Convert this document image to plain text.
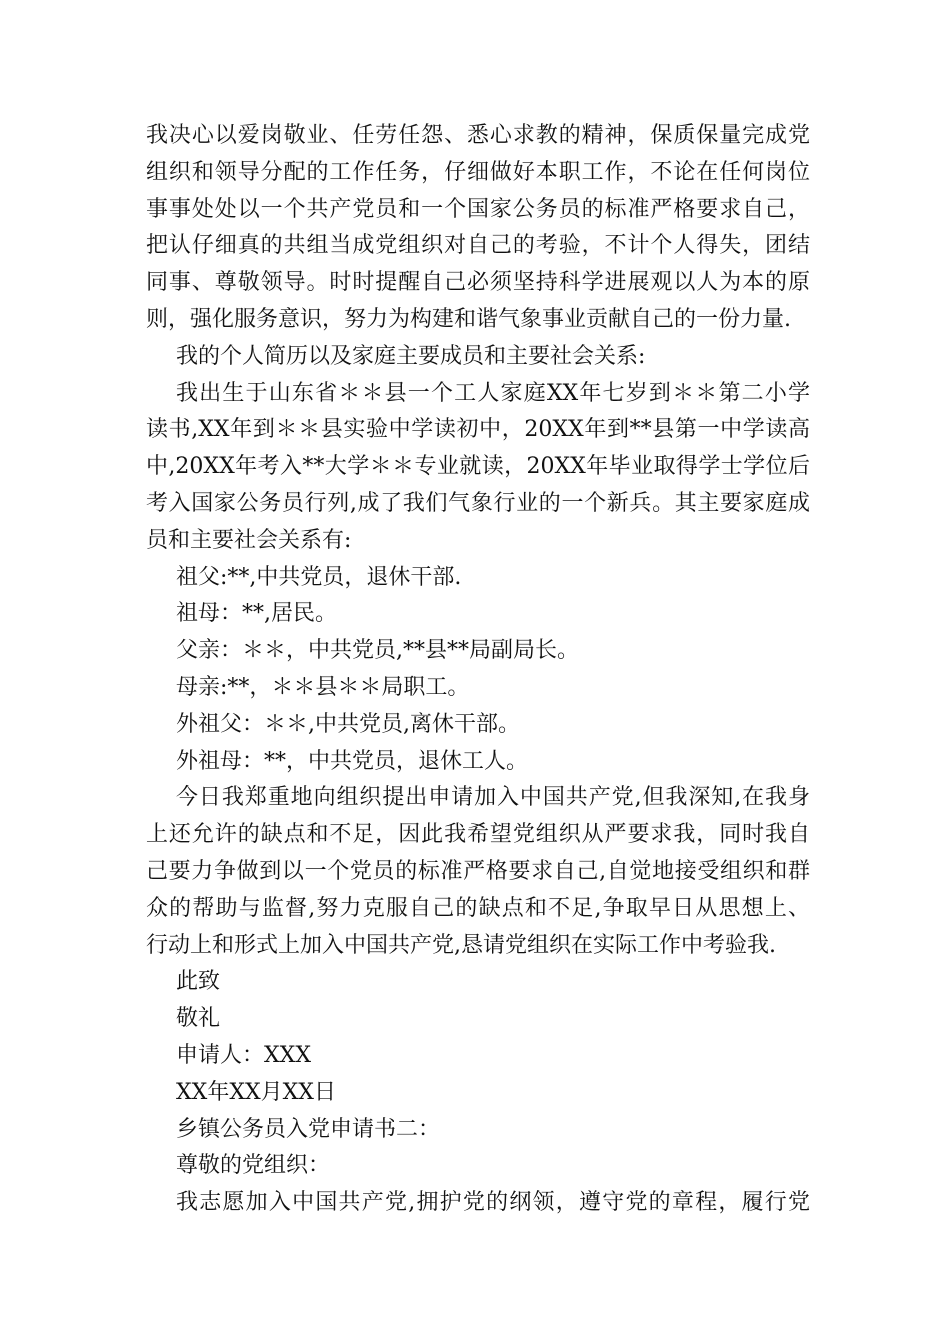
我决心以爱岗敬业、任劳任怨、悉心求教的精神，保质保量完成党
组织和领导分配的工作任务，仔细做好本职工作，不论在任何岗位
事事处处以一个共产党员和一个国家公务员的标准严格要求自己，
把认仔细真的共组当成党组织对自己的考验，不计个人得失，团结
同事、尊敬领导。时时提醒自己必须坚持科学进展观以人为本的原
则，强化服务意识，努力为构建和谐气象事业贡献自己的一份力量.
我的个人简历以及家庭主要成员和主要社会关系:
我出生于山东省＊＊县一个工人家庭XX年七岁到＊＊第二小学
读书,XX年到＊＊县实验中学读初中，20XX年到**县第一中学读高
中,20XX年考入**大学＊＊专业就读，20XX年毕业取得学士学位后
考入国家公务员行列,成了我们气象行业的一个新兵。其主要家庭成
员和主要社会关系有:
祖父:**,中共党员，退休干部.
祖母：**,居民。
父亲：＊＊，中共党员,**县**局副局长。
母亲:**，＊＊县＊＊局职工。
外祖父：＊＊,中共党员,离休干部。
外祖母：**，中共党员，退休工人。
今日我郑重地向组织提出申请加入中国共产党,但我深知,在我身
上还允许的缺点和不足，因此我希望党组织从严要求我，同时我自
己要力争做到以一个党员的标准严格要求自己,自觉地接受组织和群
众的帮助与监督,努力克服自己的缺点和不足,争取早日从思想上、
行动上和形式上加入中国共产党,恳请党组织在实际工作中考验我.
此致
敬礼
申请人：XXX
XX年XX月XX日
乡镇公务员入党申请书二：
尊敬的党组织：
我志愿加入中国共产党,拥护党的纲领，遵守党的章程，履行党
